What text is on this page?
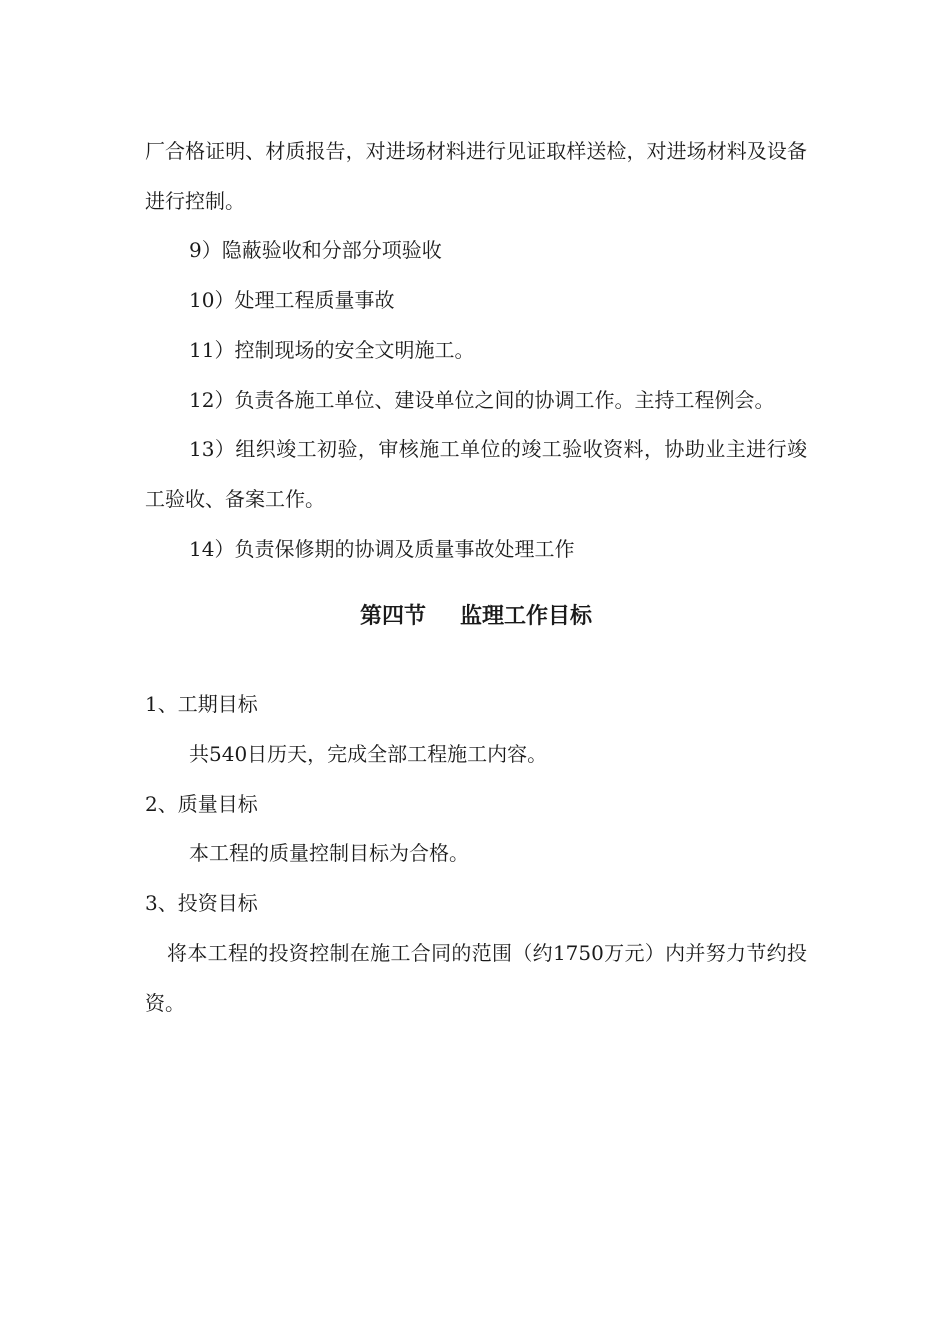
厂合格证明、材质报告，对进场材料进行见证取样送检，对进场材料及设备进行控制。

9）隐蔽验收和分部分项验收

10）处理工程质量事故

11）控制现场的安全文明施工。

12）负责各施工单位、建设单位之间的协调工作。主持工程例会。

13）组织竣工初验，审核施工单位的竣工验收资料，协助业主进行竣工验收、备案工作。

14）负责保修期的协调及质量事故处理工作

第四节 监理工作目标

1、工期目标

共540日历天，完成全部工程施工内容。

2、质量目标

本工程的质量控制目标为合格。

3、投资目标

将本工程的投资控制在施工合同的范围（约1750万元）内并努力节约投资。
